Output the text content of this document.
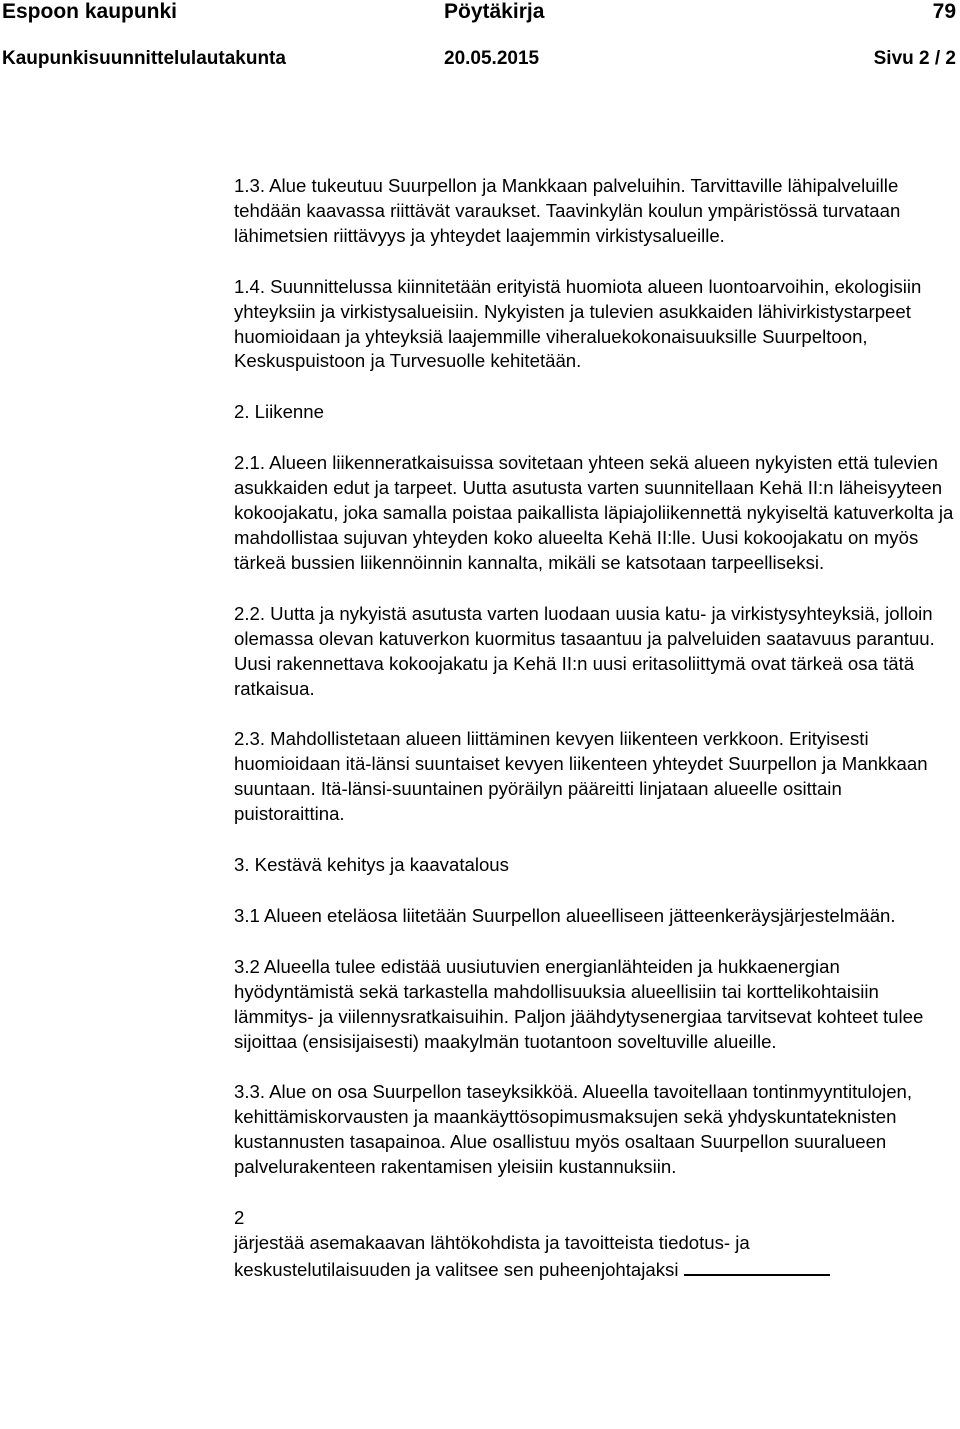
Espoon kaupunki	Pöytäkirja	79
Kaupunkisuunnittelulautakunta	20.05.2015	Sivu 2 / 2

1.3. Alue tukeutuu Suurpellon ja Mankkaan palveluihin. Tarvittaville lähipalveluille tehdään kaavassa riittävät varaukset. Taavinkylän koulun ympäristössä turvataan lähimetsien riittävyys ja yhteydet laajemmin virkistysalueille.

1.4. Suunnittelussa kiinnitetään erityistä huomiota alueen luontoarvoihin, ekologisiin yhteyksiin ja virkistysalueisiin. Nykyisten ja tulevien asukkaiden lähivirkistystarpeet huomioidaan ja yhteyksiä laajemmille viheraluekokonaisuuksille Suurpeltoon, Keskuspuistoon ja Turvesuolle kehitetään.

2. Liikenne

2.1. Alueen liikenneratkaisuissa sovitetaan yhteen sekä alueen nykyisten että tulevien asukkaiden edut ja tarpeet. Uutta asutusta varten suunnitellaan Kehä II:n läheisyyteen kokoojakatu, joka samalla poistaa paikallista läpiajoliikennettä nykyiseltä katuverkolta ja mahdollistaa sujuvan yhteyden koko alueelta Kehä II:lle. Uusi kokoojakatu on myös tärkeä bussien liikennöinnin kannalta, mikäli se katsotaan tarpeelliseksi.

2.2. Uutta ja nykyistä asutusta varten luodaan uusia katu- ja virkistysyhteyksiä, jolloin olemassa olevan katuverkon kuormitus tasaantuu ja palveluiden saatavuus parantuu. Uusi rakennettava kokoojakatu ja Kehä II:n uusi eritasoliittymä ovat tärkeä osa tätä ratkaisua.

2.3. Mahdollistetaan alueen liittäminen kevyen liikenteen verkkoon. Erityisesti huomioidaan itä-länsi suuntaiset kevyen liikenteen yhteydet Suurpellon ja Mankkaan suuntaan. Itä-länsi-suuntainen pyöräilyn pääreitti linjataan alueelle osittain puistoraittina.

3. Kestävä kehitys ja kaavatalous

3.1 Alueen eteläosa liitetään Suurpellon alueelliseen jätteenkeräysjärjestelmään.

3.2 Alueella tulee edistää uusiutuvien energianlähteiden ja hukkaenergian hyödyntämistä sekä tarkastella mahdollisuuksia alueellisiin tai korttelikohtaisiin lämmitys- ja viilennysratkaisuihin. Paljon jäähdytysenergiaa tarvitsevat kohteet tulee sijoittaa (ensisijaisesti) maakylmän tuotantoon soveltuville alueille.

3.3. Alue on osa Suurpellon taseyksikköä. Alueella tavoitellaan tontinmyyntitulojen, kehittämiskorvausten ja maankäyttösopimusmaksujen sekä yhdyskuntateknisten kustannusten tasapainoa. Alue osallistuu myös osaltaan Suurpellon suuralueen palvelurakenteen rakentamisen yleisiin kustannuksiin.

2

järjestää asemakaavan lähtökohdista ja tavoitteista tiedotus- ja
keskustelutilaisuuden ja valitsee sen puheenjohtajaksi
